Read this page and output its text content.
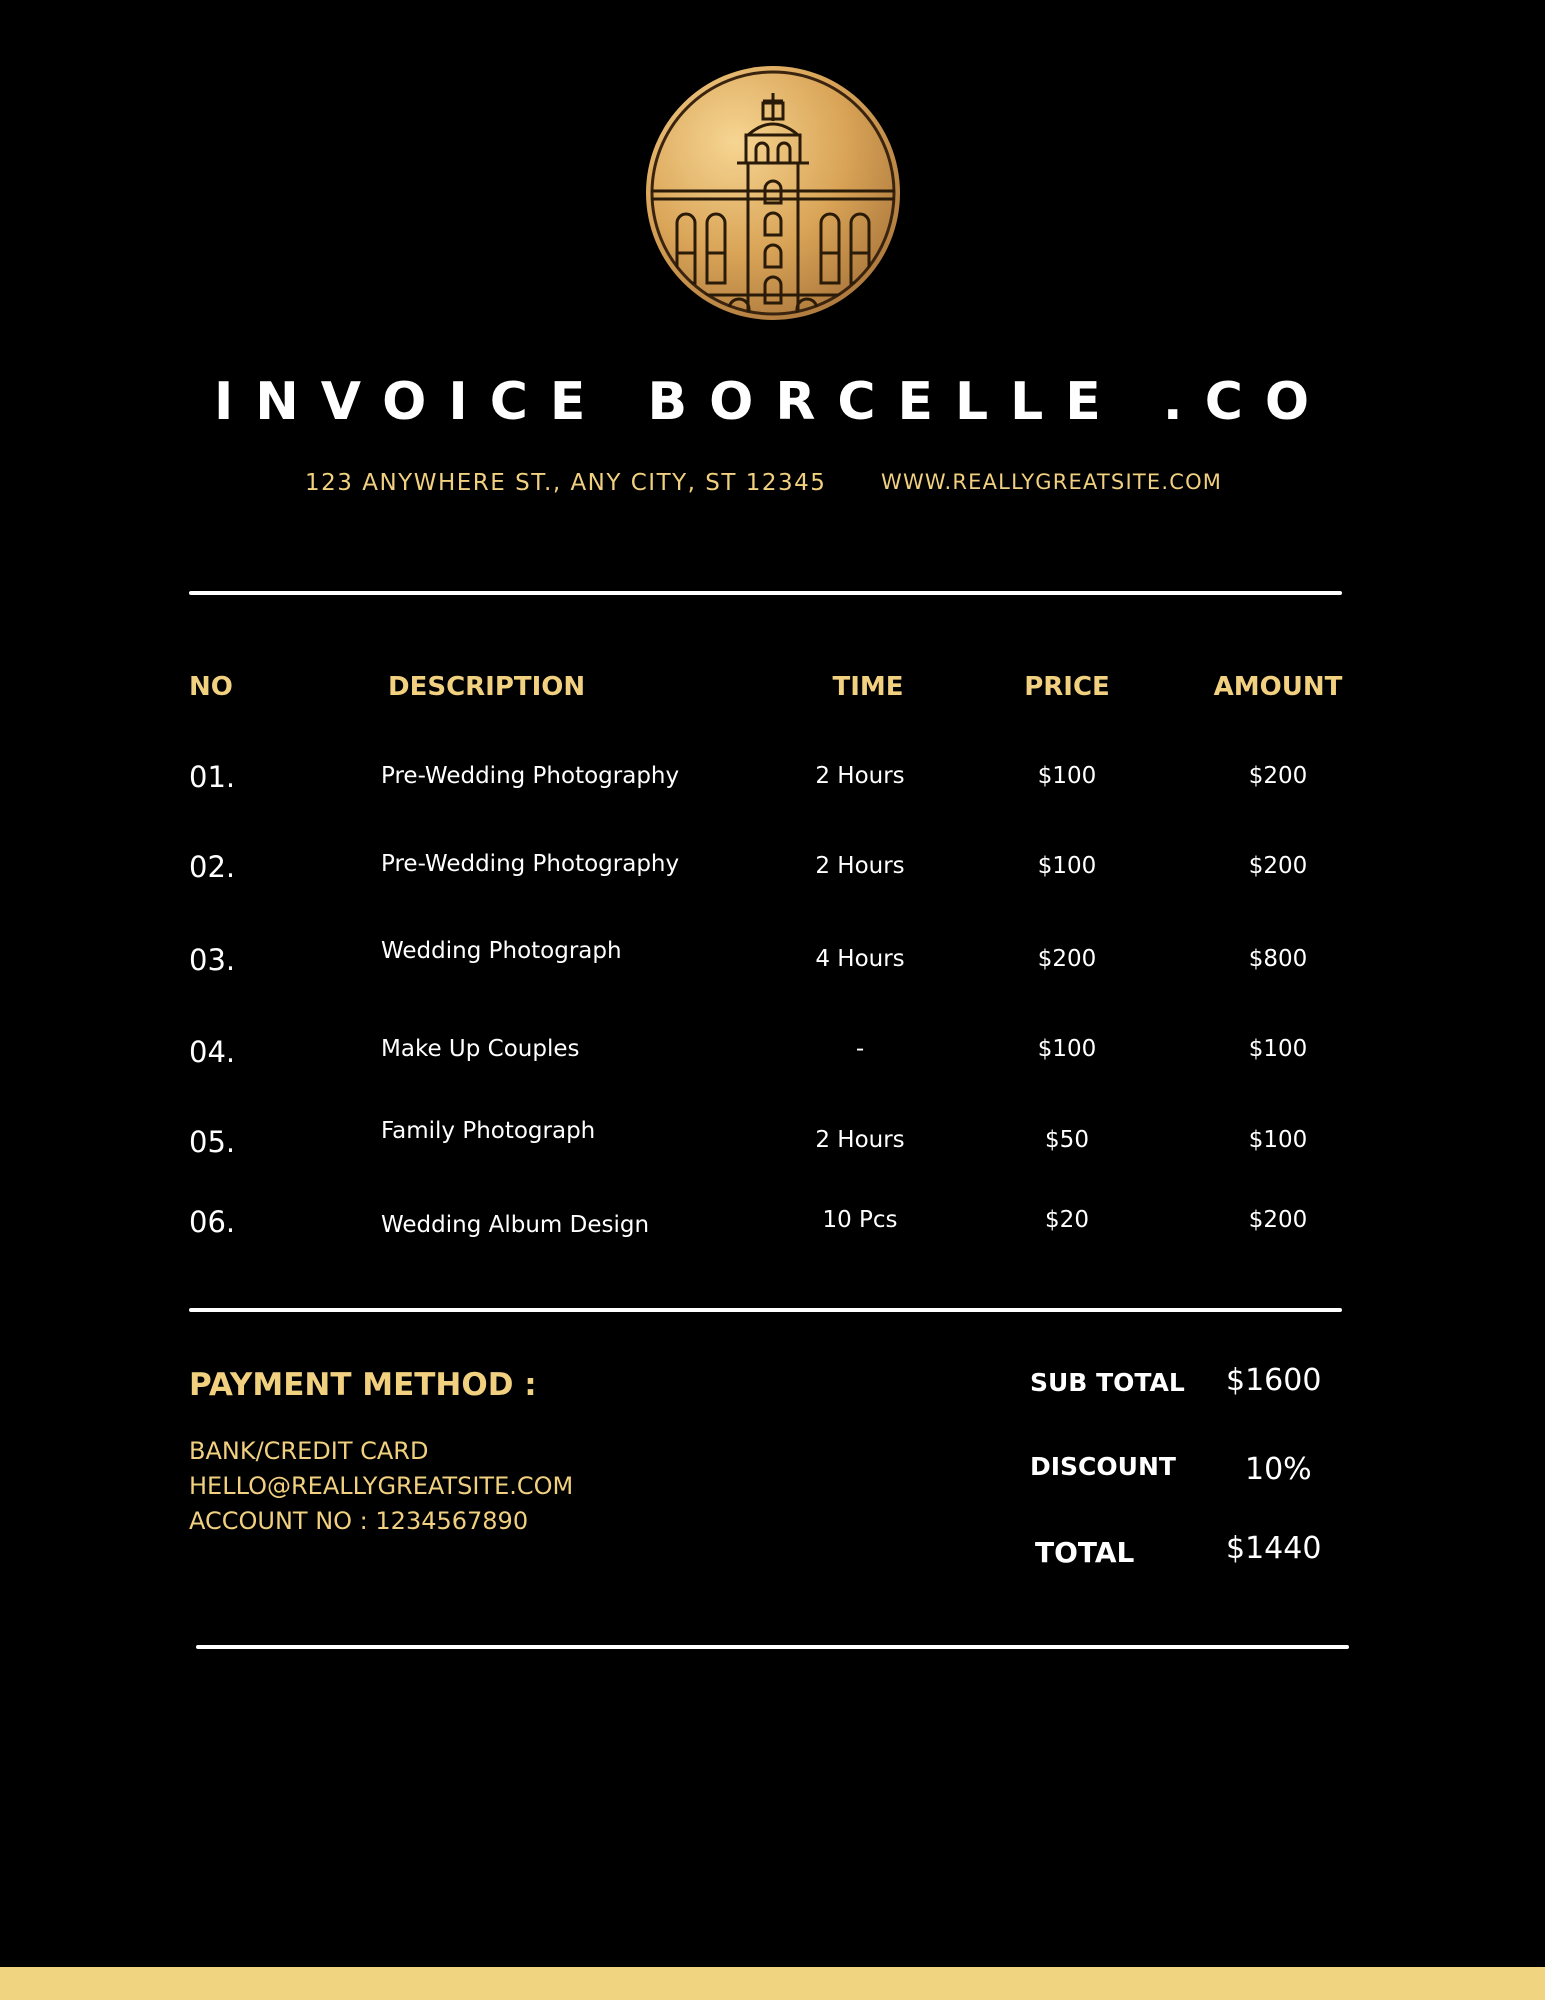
INVOICE BORCELLE .CO
123 ANYWHERE ST., ANY CITY, ST 12345	WWW.REALLYGREATSITE.COM
NO	DESCRIPTION	TIME	PRICE	AMOUNT
01.	Pre-Wedding Photography	2 Hours	$100	$200
02.	Pre-Wedding Photography	2 Hours	$100	$200
03.	Wedding Photograph	4 Hours	$200	$800
04.	Make Up Couples	-	$100	$100
05.	Family Photograph	2 Hours	$50	$100
06.	Wedding Album Design	10 Pcs	$20	$200
PAYMENT METHOD :
BANK/CREDIT CARD
HELLO@REALLYGREATSITE.COM
ACCOUNT NO : 1234567890
SUB TOTAL $1600
DISCOUNT 10%
TOTAL	$1440
